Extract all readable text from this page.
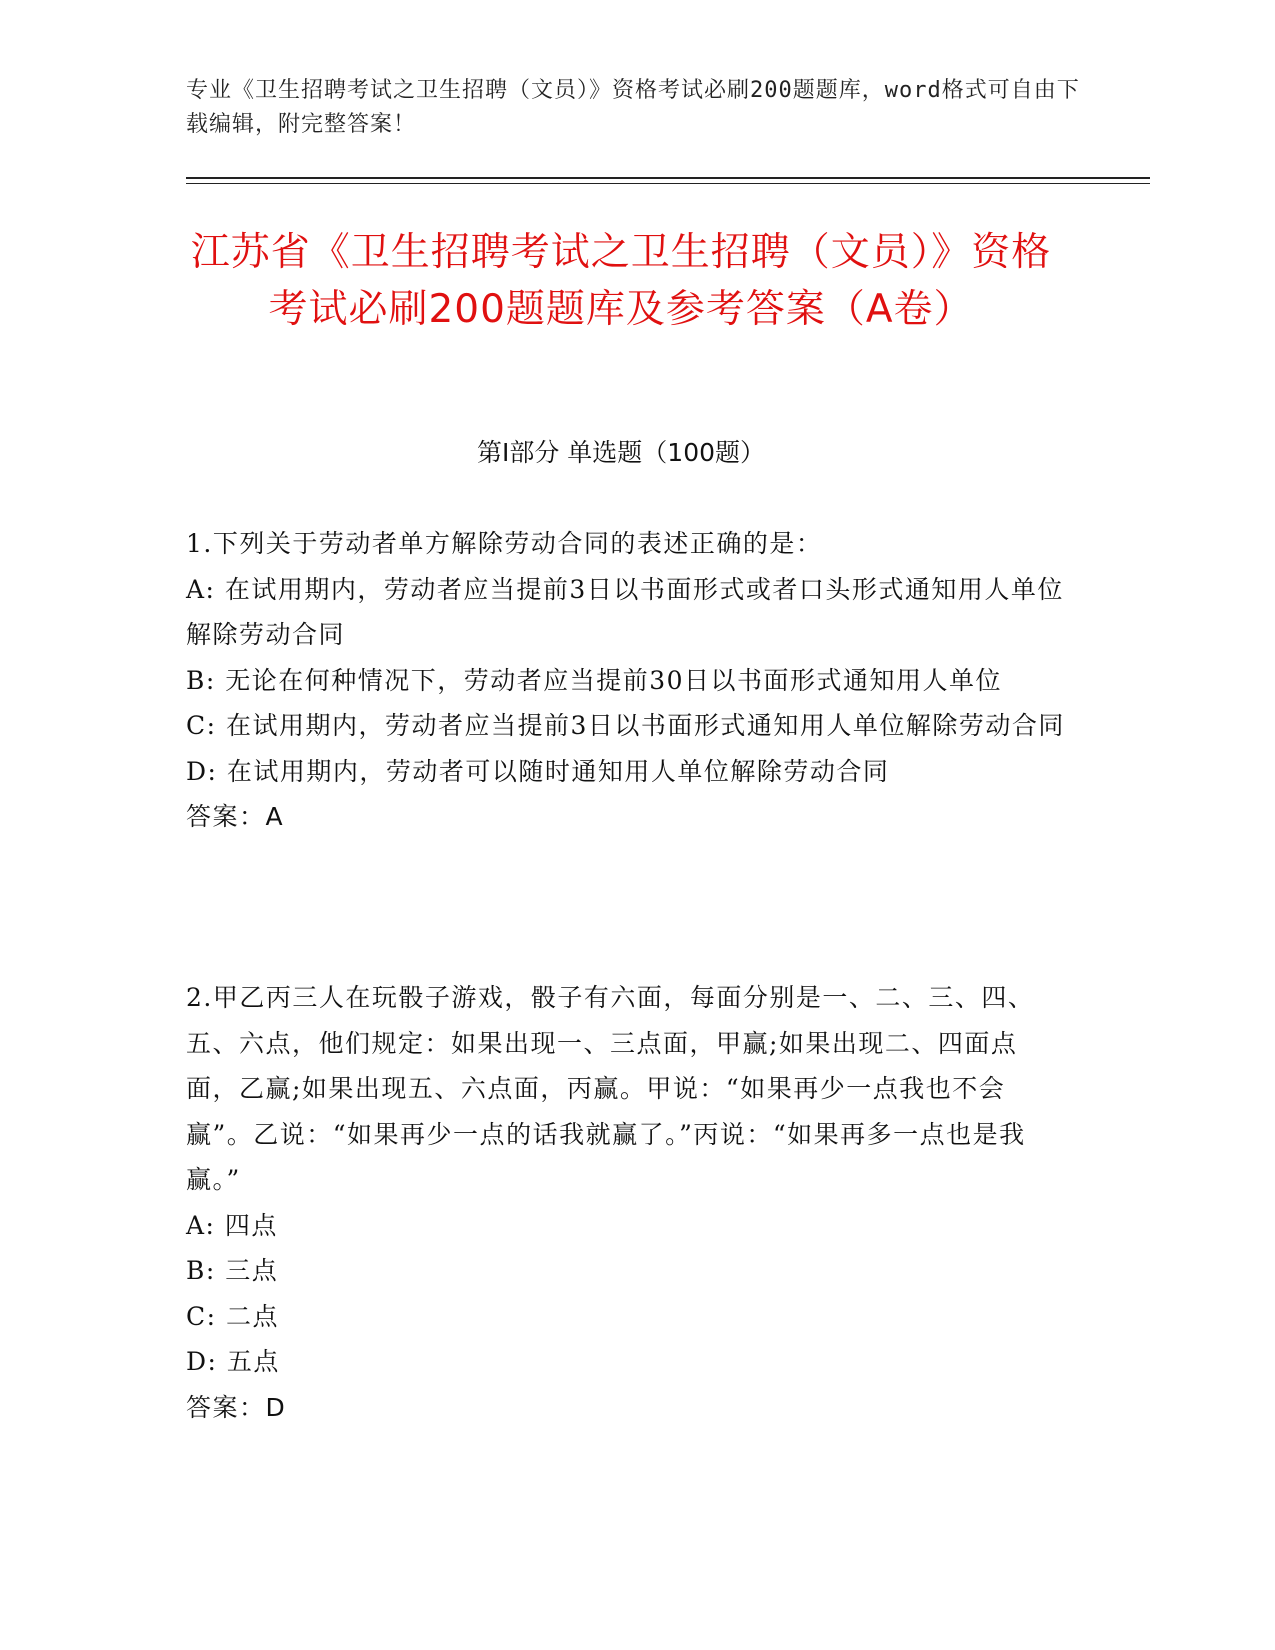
专业《卫生招聘考试之卫生招聘（文员）》资格考试必刷200题题库，word格式可自由下载编辑，附完整答案！
江苏省《卫生招聘考试之卫生招聘（文员）》资格考试必刷200题题库及参考答案（A卷）
第I部分 单选题（100题）

1.下列关于劳动者单方解除劳动合同的表述正确的是：

A: 在试用期内，劳动者应当提前3日以书面形式或者口头形式通知用人单位解除劳动合同

B: 无论在何种情况下，劳动者应当提前30日以书面形式通知用人单位

C: 在试用期内，劳动者应当提前3日以书面形式通知用人单位解除劳动合同

D: 在试用期内，劳动者可以随时通知用人单位解除劳动合同

答案：A

2.甲乙丙三人在玩骰子游戏，骰子有六面，每面分别是一、二、三、四、五、六点，他们规定：如果出现一、三点面，甲赢;如果出现二、四面点面，乙赢;如果出现五、六点面，丙赢。甲说：“如果再少一点我也不会赢”。乙说：“如果再少一点的话我就赢了。”丙说：“如果再多一点也是我赢。”

A: 四点

B: 三点

C: 二点

D: 五点

答案：D
